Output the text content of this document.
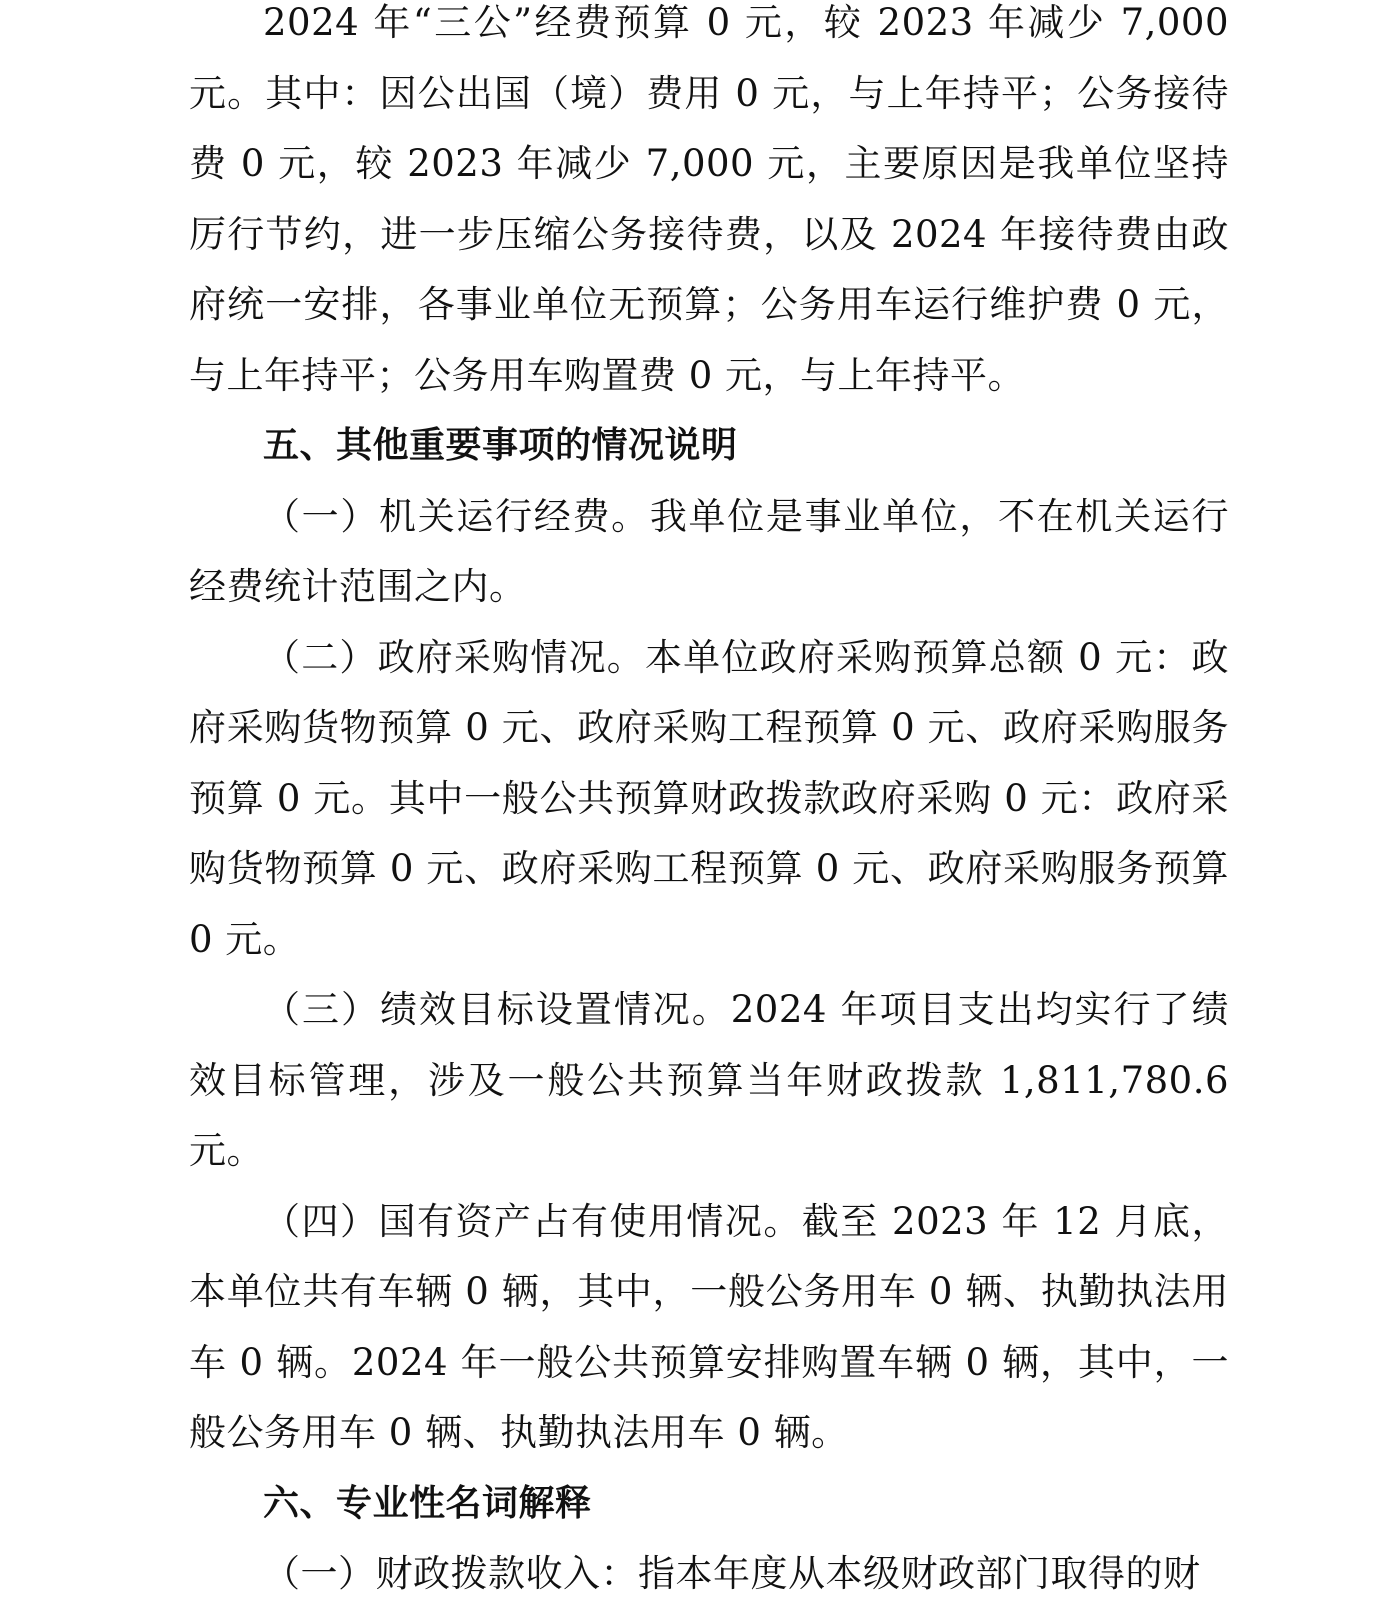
2024 年“三公”经费预算 0 元，较 2023 年减少 7,000 元。其中：因公出国（境）费用 0 元，与上年持平；公务接待费 0 元，较 2023 年减少 7,000 元，主要原因是我单位坚持厉行节约，进一步压缩公务接待费，以及 2024 年接待费由政府统一安排，各事业单位无预算；公务用车运行维护费 0 元，与上年持平；公务用车购置费 0 元，与上年持平。

五、其他重要事项的情况说明

（一）机关运行经费。我单位是事业单位，不在机关运行经费统计范围之内。

（二）政府采购情况。本单位政府采购预算总额 0 元：政府采购货物预算 0 元、政府采购工程预算 0 元、政府采购服务预算 0 元。其中一般公共预算财政拨款政府采购 0 元：政府采购货物预算 0 元、政府采购工程预算 0 元、政府采购服务预算 0 元。

（三）绩效目标设置情况。2024 年项目支出均实行了绩效目标管理，涉及一般公共预算当年财政拨款 1,811,780.6 元。

（四）国有资产占有使用情况。截至 2023 年 12 月底，本单位共有车辆 0 辆，其中，一般公务用车 0 辆、执勤执法用车 0 辆。2024 年一般公共预算安排购置车辆 0 辆，其中，一般公务用车 0 辆、执勤执法用车 0 辆。

六、专业性名词解释

（一）财政拨款收入：指本年度从本级财政部门取得的财
